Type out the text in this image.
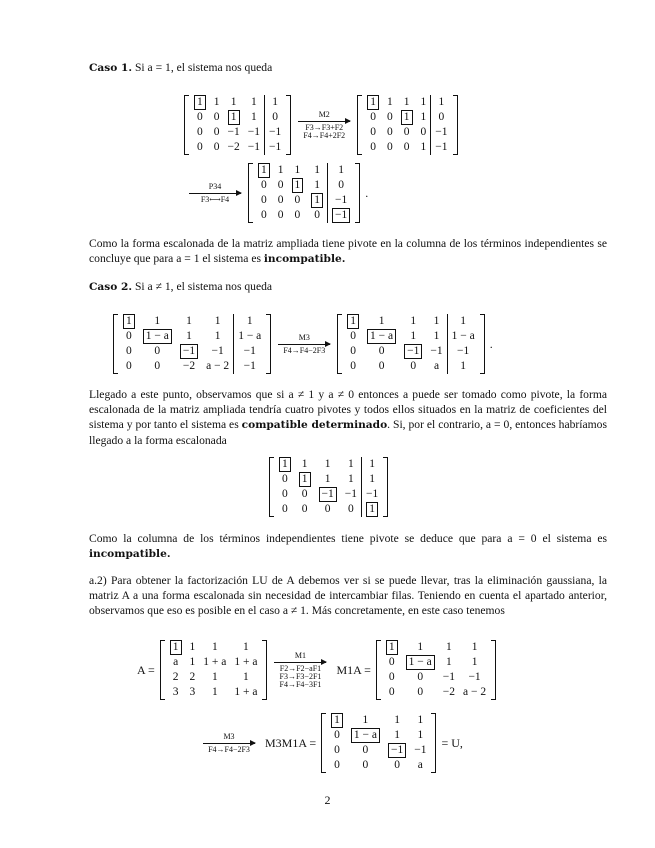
Caso 1. Si a = 1, el sistema nos queda
1	1	1	1	1
0	0	1	1	0
0	0	−1	−1	−1
0	0	−2	−1	−1
M2
F3→F3+F2
F4→F4+2F2
1	1	1	1	1
0	0	1	1	0
0	0	0	0	−1
0	0	0	1	−1
P34
F3⟷F4
1	1	1	1	1
0	0	1	1	0
0	0	0	1	−1
0	0	0	0	−1
.
Como la forma escalonada de la matriz ampliada tiene pivote en la columna de los términos independientes se concluye que para a = 1 el sistema es incompatible.
Caso 2. Si a ≠ 1, el sistema nos queda
1	1	1	1	1
0	1 − a	1	1	1 − a
0	0	−1	−1	−1
0	0	−2	a − 2	−1
M3
F4→F4−2F3
1	1	1	1	1
0	1 − a	1	1	1 − a
0	0	−1	−1	−1
0	0	0	a	1
.
Llegado a este punto, observamos que si a ≠ 1 y a ≠ 0 entonces a puede ser tomado como pivote, la forma escalonada de la matriz ampliada tendría cuatro pivotes y todos ellos situados en la matriz de coeficientes del sistema y por tanto el sistema es compatible determinado. Si, por el contrario, a = 0, entonces habríamos llegado a la forma escalonada
1	1	1	1	1
0	1	1	1	1
0	0	−1	−1	−1
0	0	0	0	1
Como la columna de los términos independientes tiene pivote se deduce que para a = 0 el sistema es incompatible.
a.2) Para obtener la factorización LU de A debemos ver si se puede llevar, tras la eliminación gaussiana, la matriz A a una forma escalonada sin necesidad de intercambiar filas. Teniendo en cuenta el apartado anterior, observamos que eso es posible en el caso a ≠ 1. Más concretamente, en este caso tenemos
A =
1	1	1	1
a	1	1 + a	1 + a
2	2	1	1
3	3	1	1 + a
M1
F2→F2−aF1
F3→F3−2F1
F4→F4−3F1
M1A =
1	1	1	1
0	1 − a	1	1
0	0	−1	−1
0	0	−2	a − 2
M3
F4→F4−2F3 M3M1A =
1	1	1	1
0	1 − a	1	1
0	0	−1	−1
0	0	0	a
= U,
2
